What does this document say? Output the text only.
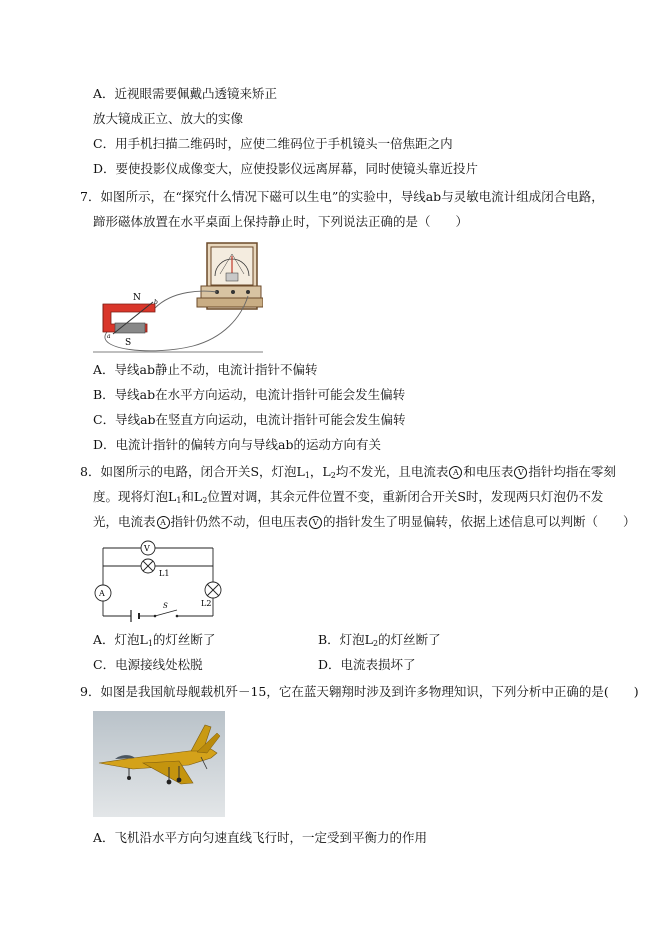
A．近视眼需要佩戴凸透镜来矫正
放大镜成正立、放大的实像
C．用手机扫描二维码时，应使二维码位于手机镜头一倍焦距之内
D．要使投影仪成像变大，应使投影仪远离屏幕，同时使镜头靠近投片
7．如图所示，在“探究什么情况下磁可以生电”的实验中，导线ab与灵敏电流计组成闭合电路，
蹄形磁体放置在水平桌面上保持静止时，下列说法正确的是（　　）
N
S
b
a
A．导线ab静止不动，电流计指针不偏转
B．导线ab在水平方向运动，电流计指针可能会发生偏转
C．导线ab在竖直方向运动，电流计指针可能会发生偏转
D．电流计指针的偏转方向与导线ab的运动方向有关
8．如图所示的电路，闭合开关S，灯泡$L_1$，$L_2$均不发光，且电流表 A 和电压表 V 指针均指在零刻
度。现将灯泡$L_1$和$L_2$位置对调，其余元件位置不变，重新闭合开关S时，发现两只灯泡仍不发
光，电流表 A 指针仍然不动，但电压表 V 的指针发生了明显偏转，依据上述信息可以判断（　　）
V
A
L1
L2
S
A．灯泡$L_1$的灯丝断了	B．灯泡$L_2$的灯丝断了
C．电源接线处松脱	D．电流表损坏了
9．如图是我国航母舰载机歼－15，它在蓝天翱翔时涉及到许多物理知识，下列分析中正确的是(　　)
A．飞机沿水平方向匀速直线飞行时，一定受到平衡力的作用
